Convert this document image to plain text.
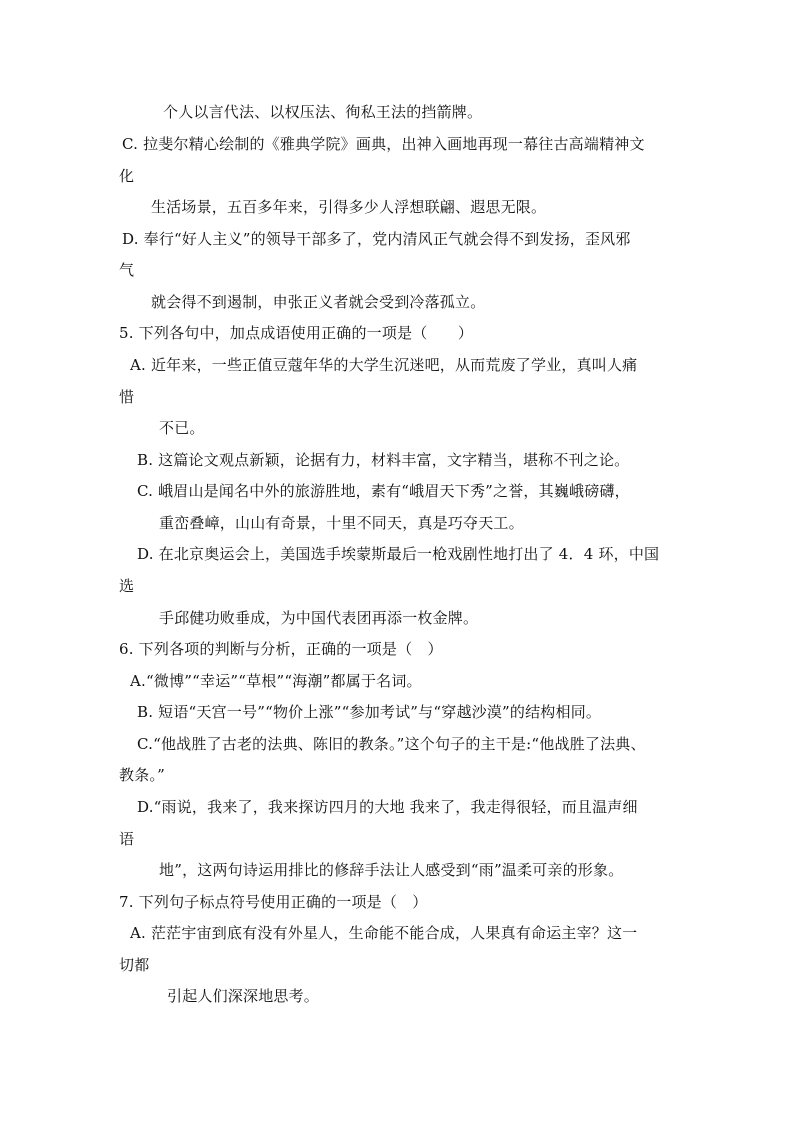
个人以言代法、以权压法、徇私王法的挡箭牌。
C. 拉斐尔精心绘制的《雅典学院》画典，出神入画地再现一幕往古高端精神文
化
生活场景，五百多年来，引得多少人浮想联翩、遐思无限。
D. 奉行“好人主义”的领导干部多了，党内清风正气就会得不到发扬，歪风邪
气
就会得不到遏制，申张正义者就会受到冷落孤立。
5. 下列各句中，加点成语使用正确的一项是（　　）
A. 近年来，一些正值豆蔻年华的大学生沉迷吧，从而荒废了学业，真叫人痛
惜
不已。
B. 这篇论文观点新颖，论据有力，材料丰富，文字精当，堪称不刊之论。
C. 峨眉山是闻名中外的旅游胜地，素有“峨眉天下秀”之誉，其巍峨磅礴，
重峦叠嶂，山山有奇景，十里不同天，真是巧夺天工。
D. 在北京奥运会上，美国选手埃蒙斯最后一枪戏剧性地打出了 4．4 环，中国
选
手邱健功败垂成，为中国代表团再添一枚金牌。
6. 下列各项的判断与分析，正确的一项是（　）
A.“微博”“幸运”“草根”“海潮”都属于名词。
B. 短语“天宫一号”“物价上涨”“参加考试”与“穿越沙漠”的结构相同。
C.“他战胜了古老的法典、陈旧的教条。”这个句子的主干是:“他战胜了法典、
教条。”
D.“雨说，我来了，我来探访四月的大地 我来了，我走得很轻，而且温声细
语
地”，这两句诗运用排比的修辞手法让人感受到“雨”温柔可亲的形象。
7. 下列句子标点符号使用正确的一项是（　）
A. 茫茫宇宙到底有没有外星人，生命能不能合成，人果真有命运主宰？这一
切都
引起人们深深地思考。
